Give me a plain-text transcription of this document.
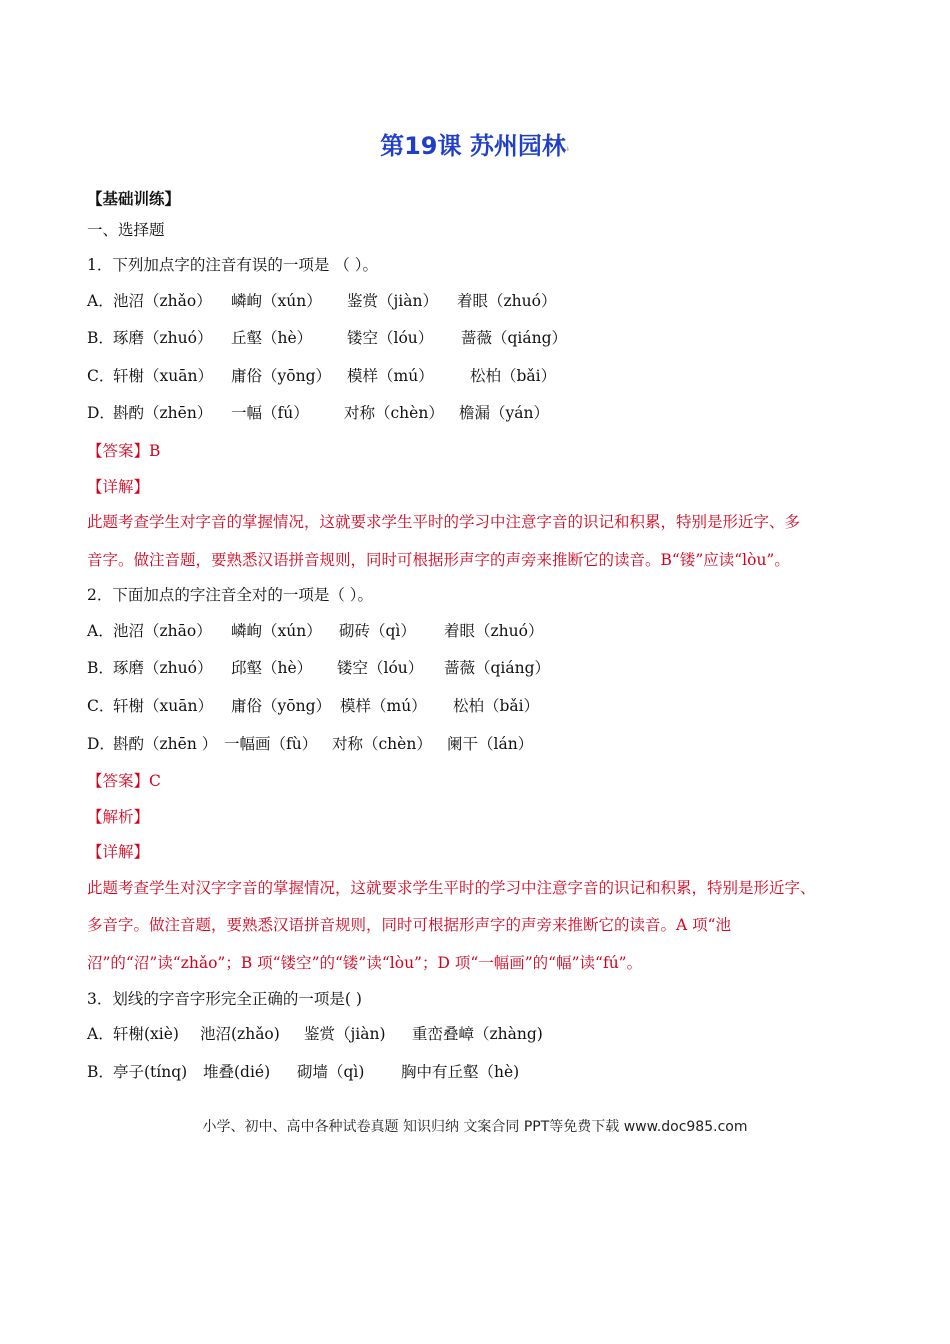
第19课 苏州园林ꜜ
【基础训练】
一、选择题
1．下列加点字的注音有误的一项是 （ ）。
A． 池沼（zhǎo） 嶙峋（xún） 鉴赏（jiàn） 着眼（zhuó）
B． 琢磨（zhuó） 丘壑（hè） 镂空（lóu） 蔷薇（qiáng）
C．
轩榭（xuān） 庸俗（yōng） 模样（mú） 松柏（bǎi）
D．
斟酌（zhēn） 一幅（fú） 对称（chèn） 檐漏（yán）
【答案】B
【详解】
此题考查学生对字音的掌握情况，这就要求学生平时的学习中注意字音的识记和积累，特别是形近字、多
音字。做注音题，要熟悉汉语拼音规则，同时可根据形声字的声旁来推断它的读音。B“镂”应读“lòu”。
2．下面加点的字注音全对的一项是（ ）。
A． 池沼（zhāo） 嶙峋（xún） 砌砖（qì） 着眼（zhuó）
B． 琢磨（zhuó） 邱壑（hè） 镂空（lóu） 蔷薇（qiáng）
C．
轩榭（xuān） 庸俗（yōng） 模样（mú） 松柏（bǎi）
D．
斟酌（zhēn ） 一幅画（fù） 对称（chèn） 阑干（lán）
【答案】C
【解析】
【详解】
此题考查学生对汉字字音的掌握情况，这就要求学生平时的学习中注意字音的识记和积累，特别是形近字、
多音字。做注音题，要熟悉汉语拼音规则，同时可根据形声字的声旁来推断它的读音。A 项“池
沼”的“沼”读“zhǎo”；B 项“镂空”的“镂”读“lòu”；D 项“一幅画”的“幅”读“fú”。
3．划线的字音字形完全正确的一项是( )
A． 轩榭(xiè) 池沼(zhǎo) 鉴赏（jiàn) 重峦叠嶂（zhàng)
B． 亭子(tínq) 堆叠(dié) 砌墙（qì) 胸中有丘壑（hè)
小学、初中、高中各种试卷真题 知识归纳 文案合同 PPT等免费下载 www.doc985.com
